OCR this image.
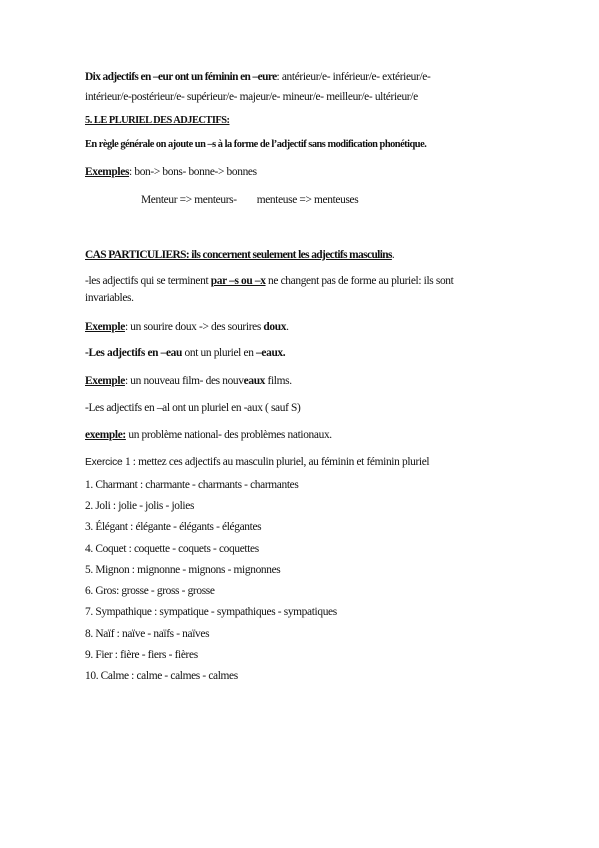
Dix adjectifs en –eur ont un féminin en –eure: antérieur/e- inférieur/e- extérieur/e-
intérieur/e-postérieur/e- supérieur/e- majeur/e- mineur/e- meilleur/e- ultérieur/e
5. LE PLURIEL DES ADJECTIFS:
En règle générale on ajoute un –s à la forme de l’adjectif sans modification phonétique.
Exemples: bon-> bons- bonne-> bonnes
Menteur => menteurs- menteuse => menteuses
CAS PARTICULIERS: ils concernent seulement les adjectifs masculins.
-les adjectifs qui se terminent par –s ou –x ne changent pas de forme au pluriel: ils sont
invariables.
Exemple: un sourire doux -> des sourires doux.
-Les adjectifs en –eau ont un pluriel en –eaux.
Exemple: un nouveau film- des nouveaux films.
-Les adjectifs en –al ont un pluriel en -aux ( sauf S)
exemple: un problème national- des problèmes nationaux.
Exercice 1 : mettez ces adjectifs au masculin pluriel, au féminin et féminin pluriel
1. Charmant : charmante - charmants - charmantes
2. Joli : jolie - jolis - jolies
3. Élégant : élégante - élégants - élégantes
4. Coquet : coquette - coquets - coquettes
5. Mignon : mignonne - mignons - mignonnes
6. Gros: grosse - gross - grosse
7. Sympathique : sympatique - sympathiques - sympatiques
8. Naïf : naïve - naïfs - naïves
9. Fier : fière - fiers - fières
10. Calme : calme - calmes - calmes
